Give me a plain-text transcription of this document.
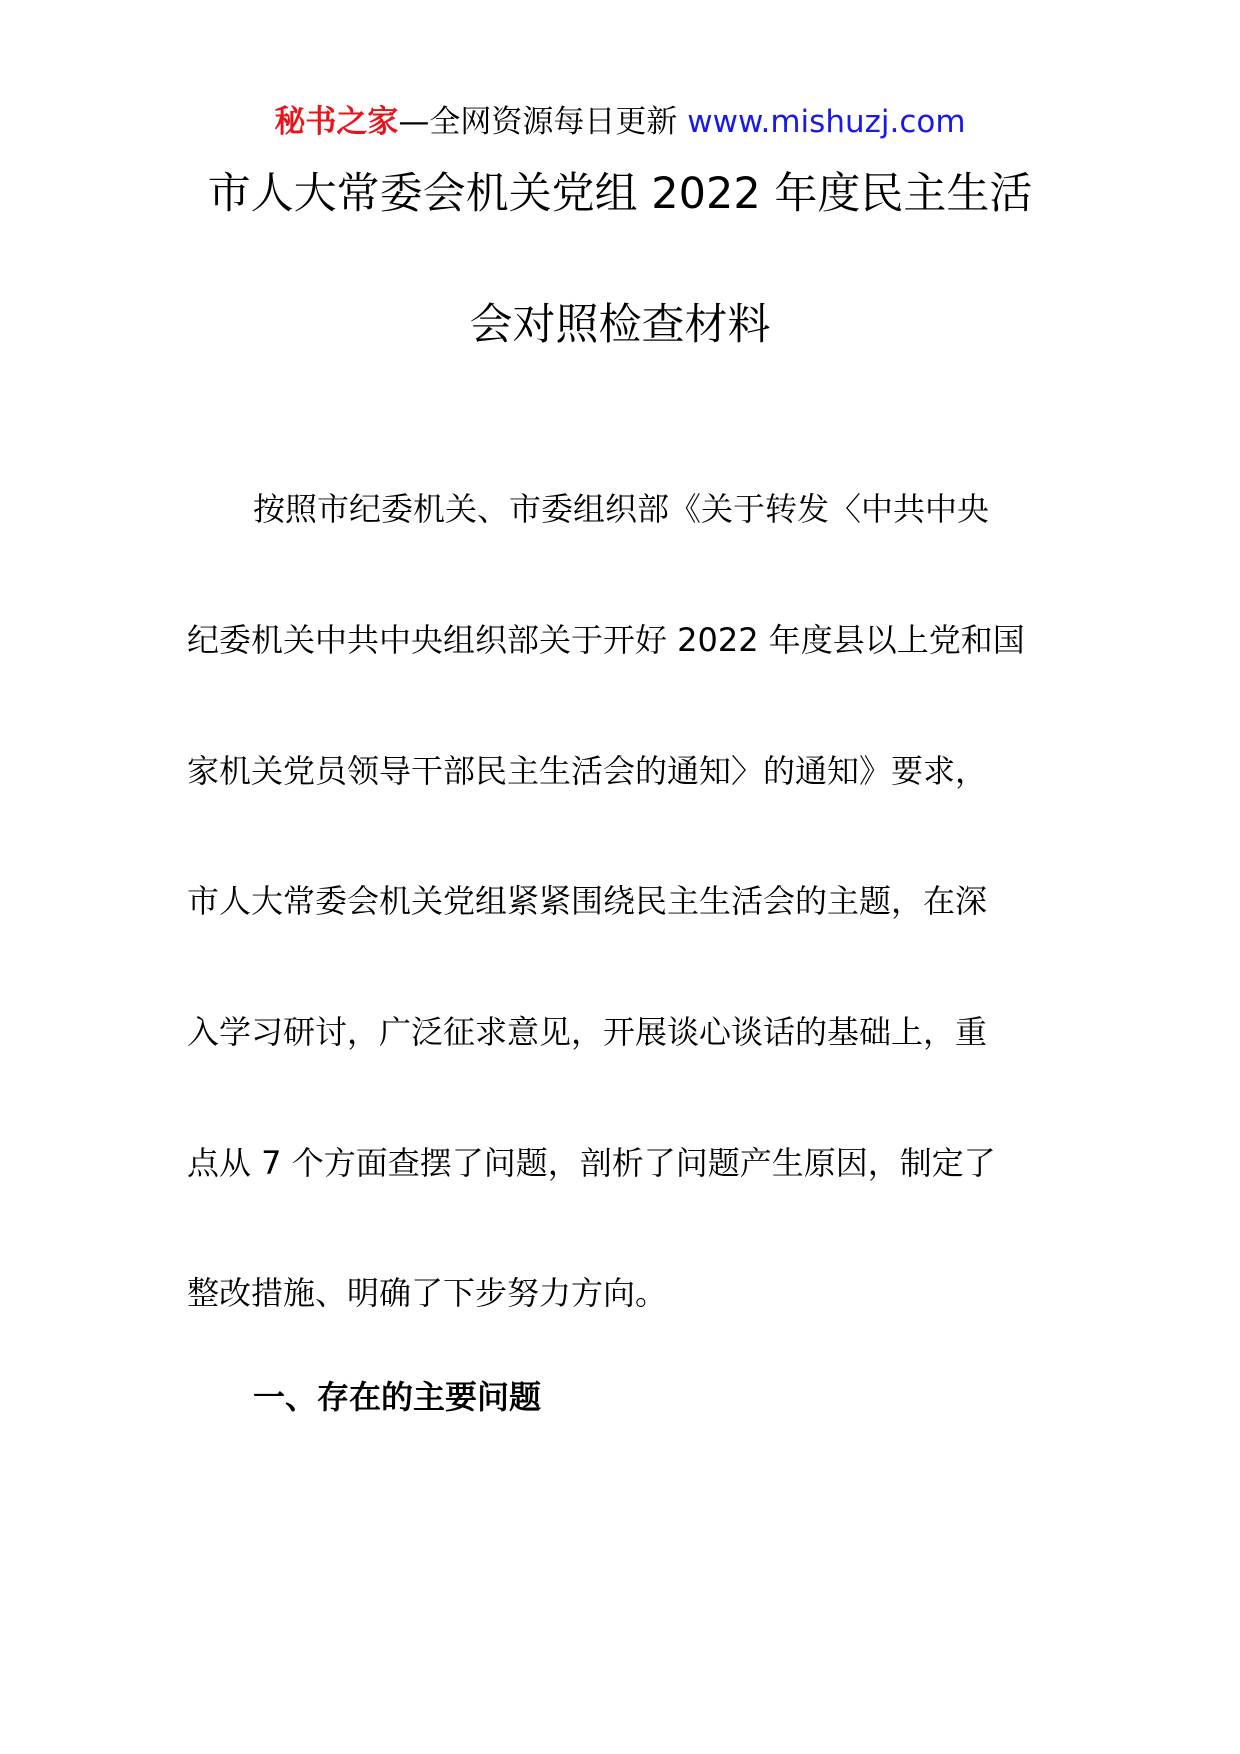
秘书之家—全网资源每日更新 www.mishuzj.com
市人大常委会机关党组 2022 年度民主生活
会对照检查材料
按照市纪委机关、市委组织部《关于转发〈中共中央
纪委机关中共中央组织部关于开好 2022 年度县以上党和国
家机关党员领导干部民主生活会的通知〉的通知》要求，
市人大常委会机关党组紧紧围绕民主生活会的主题，在深
入学习研讨，广泛征求意见，开展谈心谈话的基础上，重
点从 7 个方面查摆了问题，剖析了问题产生原因，制定了
整改措施、明确了下步努力方向。
一、存在的主要问题
